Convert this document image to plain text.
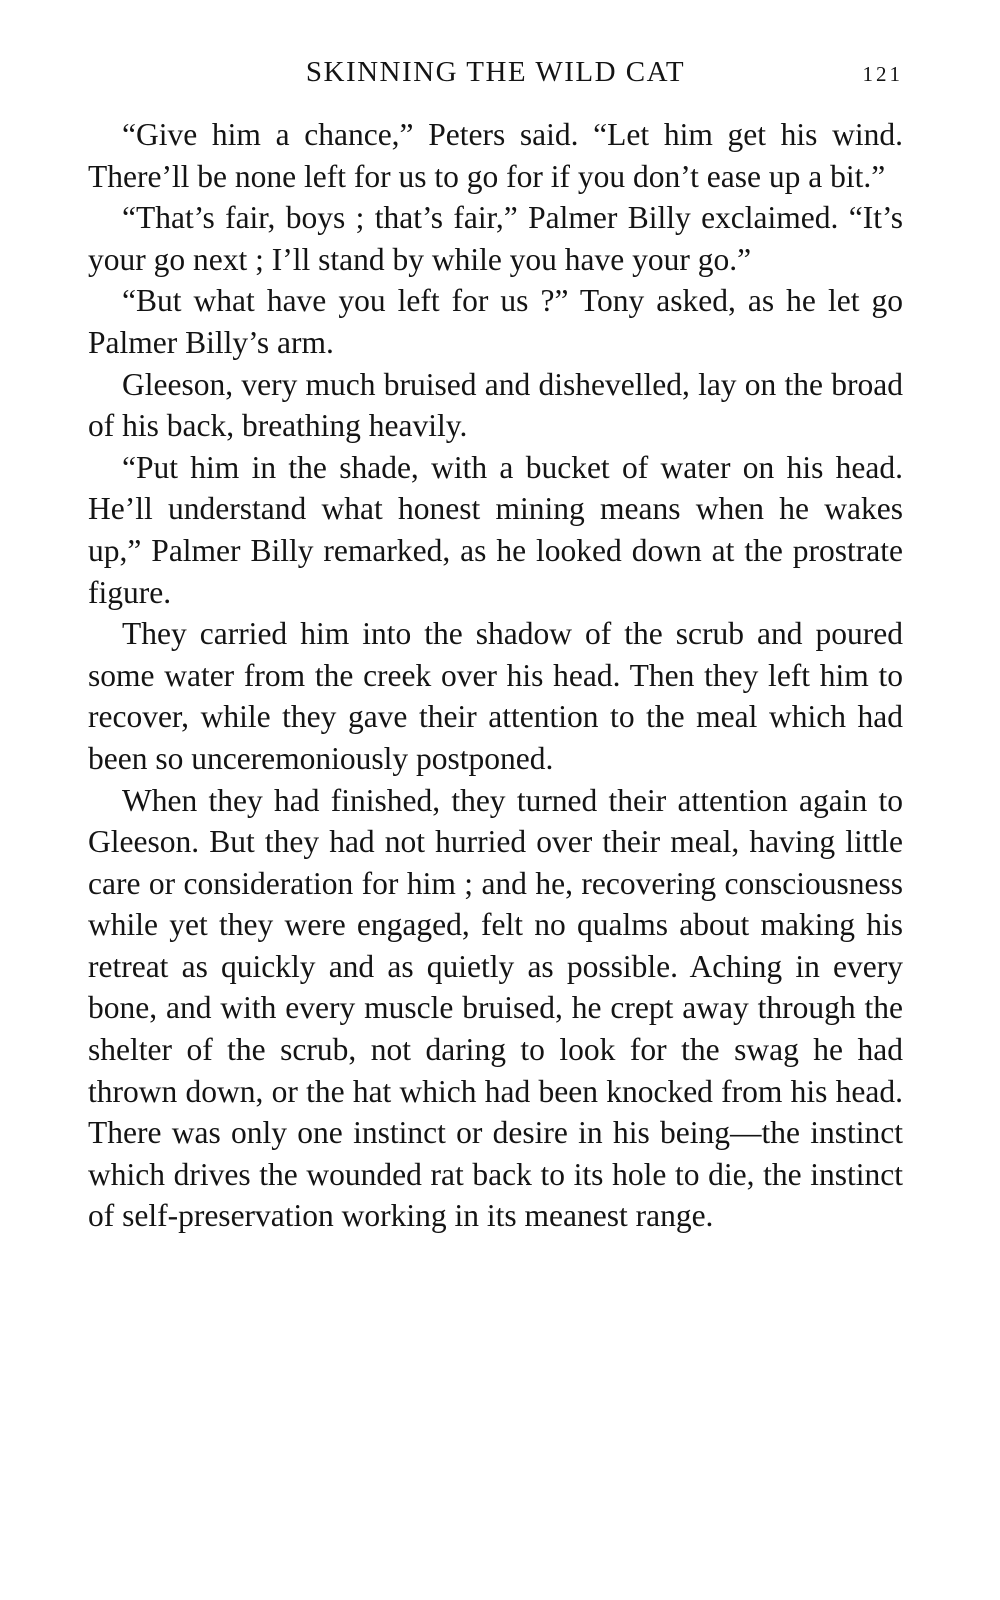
SKINNING THE WILD CAT	121

“Give him a chance,” Peters said. “Let him get his wind. There’ll be none left for us to go for if you don’t ease up a bit.”

“That’s fair, boys ; that’s fair,” Palmer Billy exclaimed. “It’s your go next ; I’ll stand by while you have your go.”

“But what have you left for us ?” Tony asked, as he let go Palmer Billy’s arm.

Gleeson, very much bruised and dishevelled, lay on the broad of his back, breathing heavily.

“Put him in the shade, with a bucket of water on his head. He’ll understand what honest mining means when he wakes up,” Palmer Billy remarked, as he looked down at the prostrate figure.

They carried him into the shadow of the scrub and poured some water from the creek over his head. Then they left him to recover, while they gave their attention to the meal which had been so unceremoniously postponed.

When they had finished, they turned their attention again to Gleeson. But they had not hurried over their meal, having little care or consideration for him ; and he, recovering consciousness while yet they were engaged, felt no qualms about making his retreat as quickly and as quietly as possible. Aching in every bone, and with every muscle bruised, he crept away through the shelter of the scrub, not daring to look for the swag he had thrown down, or the hat which had been knocked from his head. There was only one instinct or desire in his being—the instinct which drives the wounded rat back to its hole to die, the instinct of self-preservation working in its meanest range.
